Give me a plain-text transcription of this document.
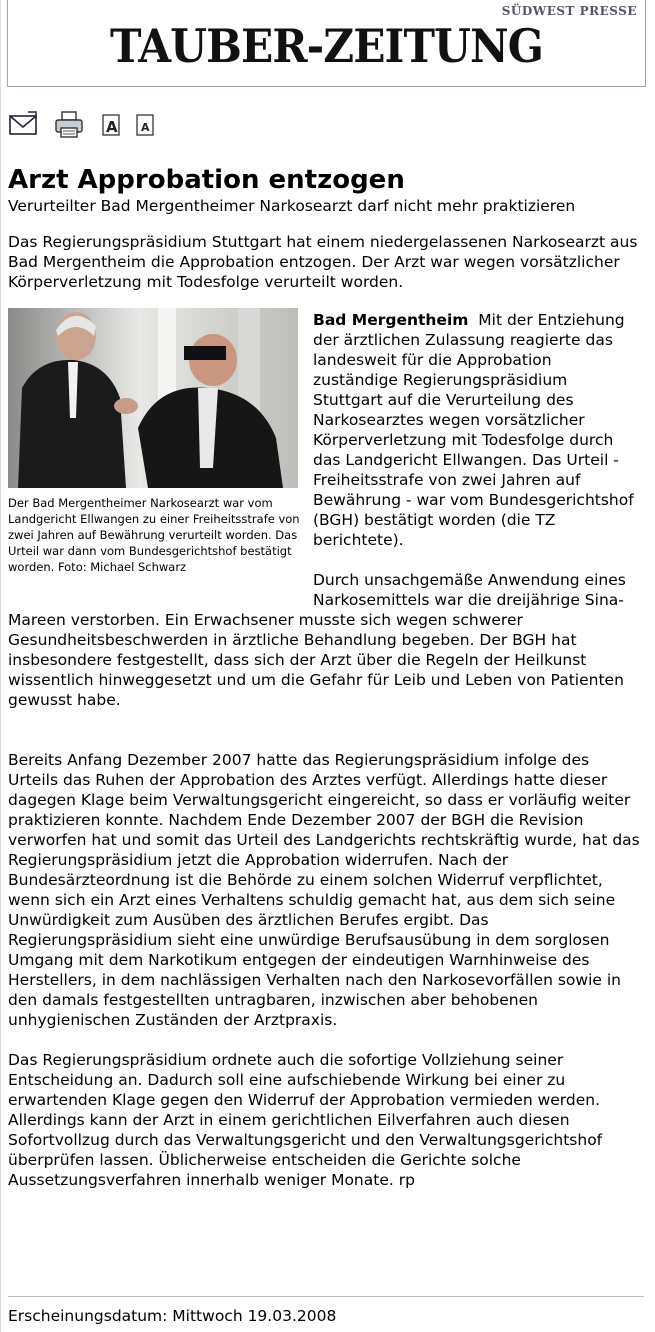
SÜDWEST PRESSE
TAUBER-ZEITUNG
A A
Arzt Approbation entzogen
Verurteilter Bad Mergentheimer Narkosearzt darf nicht mehr praktizieren
Das Regierungspräsidium Stuttgart hat einem niedergelassenen Narkosearzt aus Bad Mergentheim die Approbation entzogen. Der Arzt war wegen vorsätzlicher Körperverletzung mit Todesfolge verurteilt worden.
Der Bad Mergentheimer Narkosearzt war vom Landgericht Ellwangen zu einer Freiheitsstrafe von zwei Jahren auf Bewährung verurteilt worden. Das Urteil war dann vom Bundesgerichtshof bestätigt worden. Foto: Michael Schwarz

Bad Mergentheim Mit der Entziehung der ärztlichen Zulassung reagierte das landesweit für die Approbation zuständige Regierungspräsidium Stuttgart auf die Verurteilung des Narkosearztes wegen vorsätzlicher Körperverletzung mit Todesfolge durch das Landgericht Ellwangen. Das Urteil - Freiheitsstrafe von zwei Jahren auf Bewährung - war vom Bundesgerichtshof (BGH) bestätigt worden (die TZ berichtete).

Durch unsachgemäße Anwendung eines Narkosemittels war die dreijährige Sina-Mareen verstorben. Ein Erwachsener musste sich wegen schwerer Gesundheitsbeschwerden in ärztliche Behandlung begeben. Der BGH hat insbesondere festgestellt, dass sich der Arzt über die Regeln der Heilkunst wissentlich hinweggesetzt und um die Gefahr für Leib und Leben von Patienten gewusst habe.

Bereits Anfang Dezember 2007 hatte das Regierungspräsidium infolge des Urteils das Ruhen der Approbation des Arztes verfügt. Allerdings hatte dieser dagegen Klage beim Verwaltungsgericht eingereicht, so dass er vorläufig weiter praktizieren konnte. Nachdem Ende Dezember 2007 der BGH die Revision verworfen hat und somit das Urteil des Landgerichts rechtskräftig wurde, hat das Regierungspräsidium jetzt die Approbation widerrufen. Nach der Bundesärzteordnung ist die Behörde zu einem solchen Widerruf verpflichtet, wenn sich ein Arzt eines Verhaltens schuldig gemacht hat, aus dem sich seine Unwürdigkeit zum Ausüben des ärztlichen Berufes ergibt. Das Regierungspräsidium sieht eine unwürdige Berufsausübung in dem sorglosen Umgang mit dem Narkotikum entgegen der eindeutigen Warnhinweise des Herstellers, in dem nachlässigen Verhalten nach den Narkosevorfällen sowie in den damals festgestellten untragbaren, inzwischen aber behobenen unhygienischen Zuständen der Arztpraxis.

Das Regierungspräsidium ordnete auch die sofortige Vollziehung seiner Entscheidung an. Dadurch soll eine aufschiebende Wirkung bei einer zu erwartenden Klage gegen den Widerruf der Approbation vermieden werden. Allerdings kann der Arzt in einem gerichtlichen Eilverfahren auch diesen Sofortvollzug durch das Verwaltungsgericht und den Verwaltungsgerichtshof überprüfen lassen. Üblicherweise entscheiden die Gerichte solche Aussetzungsverfahren innerhalb weniger Monate. rp

Erscheinungsdatum: Mittwoch 19.03.2008
